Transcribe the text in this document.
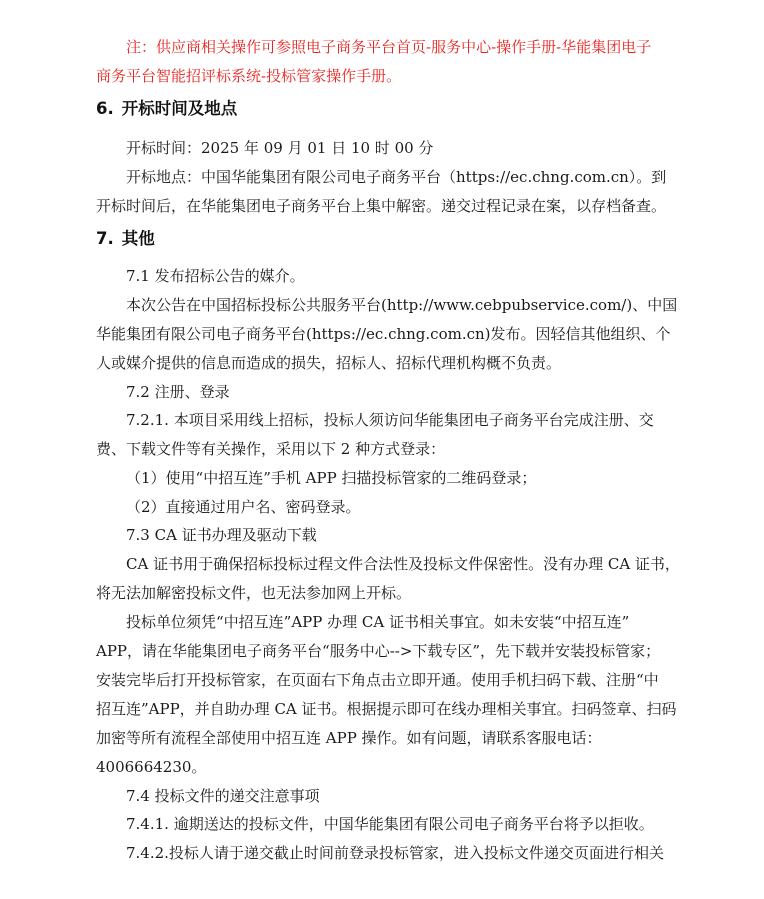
注：供应商相关操作可参照电子商务平台首页-服务中心-操作手册-华能集团电子
商务平台智能招评标系统-投标管家操作手册。
6. 开标时间及地点
开标时间：2025 年 09 月 01 日 10 时 00 分
开标地点：中国华能集团有限公司电子商务平台（https://ec.chng.com.cn）。到
开标时间后，在华能集团电子商务平台上集中解密。递交过程记录在案，以存档备查。
7. 其他
7.1 发布招标公告的媒介。
本次公告在中国招标投标公共服务平台(http://www.cebpubservice.com/)、中国
华能集团有限公司电子商务平台(https://ec.chng.com.cn)发布。因轻信其他组织、个
人或媒介提供的信息而造成的损失，招标人、招标代理机构概不负责。
7.2 注册、登录
7.2.1. 本项目采用线上招标，投标人须访问华能集团电子商务平台完成注册、交
费、下载文件等有关操作，采用以下 2 种方式登录：
（1）使用“中招互连”手机 APP 扫描投标管家的二维码登录；
（2）直接通过用户名、密码登录。
7.3 CA 证书办理及驱动下载
CA 证书用于确保招标投标过程文件合法性及投标文件保密性。没有办理 CA 证书，
将无法加解密投标文件，也无法参加网上开标。
投标单位须凭“中招互连”APP 办理 CA 证书相关事宜。如未安装“中招互连”
APP，请在华能集团电子商务平台“服务中心-->下载专区”，先下载并安装投标管家；
安装完毕后打开投标管家，在页面右下角点击立即开通。使用手机扫码下载、注册“中
招互连”APP，并自助办理 CA 证书。根据提示即可在线办理相关事宜。扫码签章、扫码
加密等所有流程全部使用中招互连 APP 操作。如有问题，请联系客服电话：
4006664230。
7.4 投标文件的递交注意事项
7.4.1. 逾期送达的投标文件，中国华能集团有限公司电子商务平台将予以拒收。
7.4.2.投标人请于递交截止时间前登录投标管家，进入投标文件递交页面进行相关
